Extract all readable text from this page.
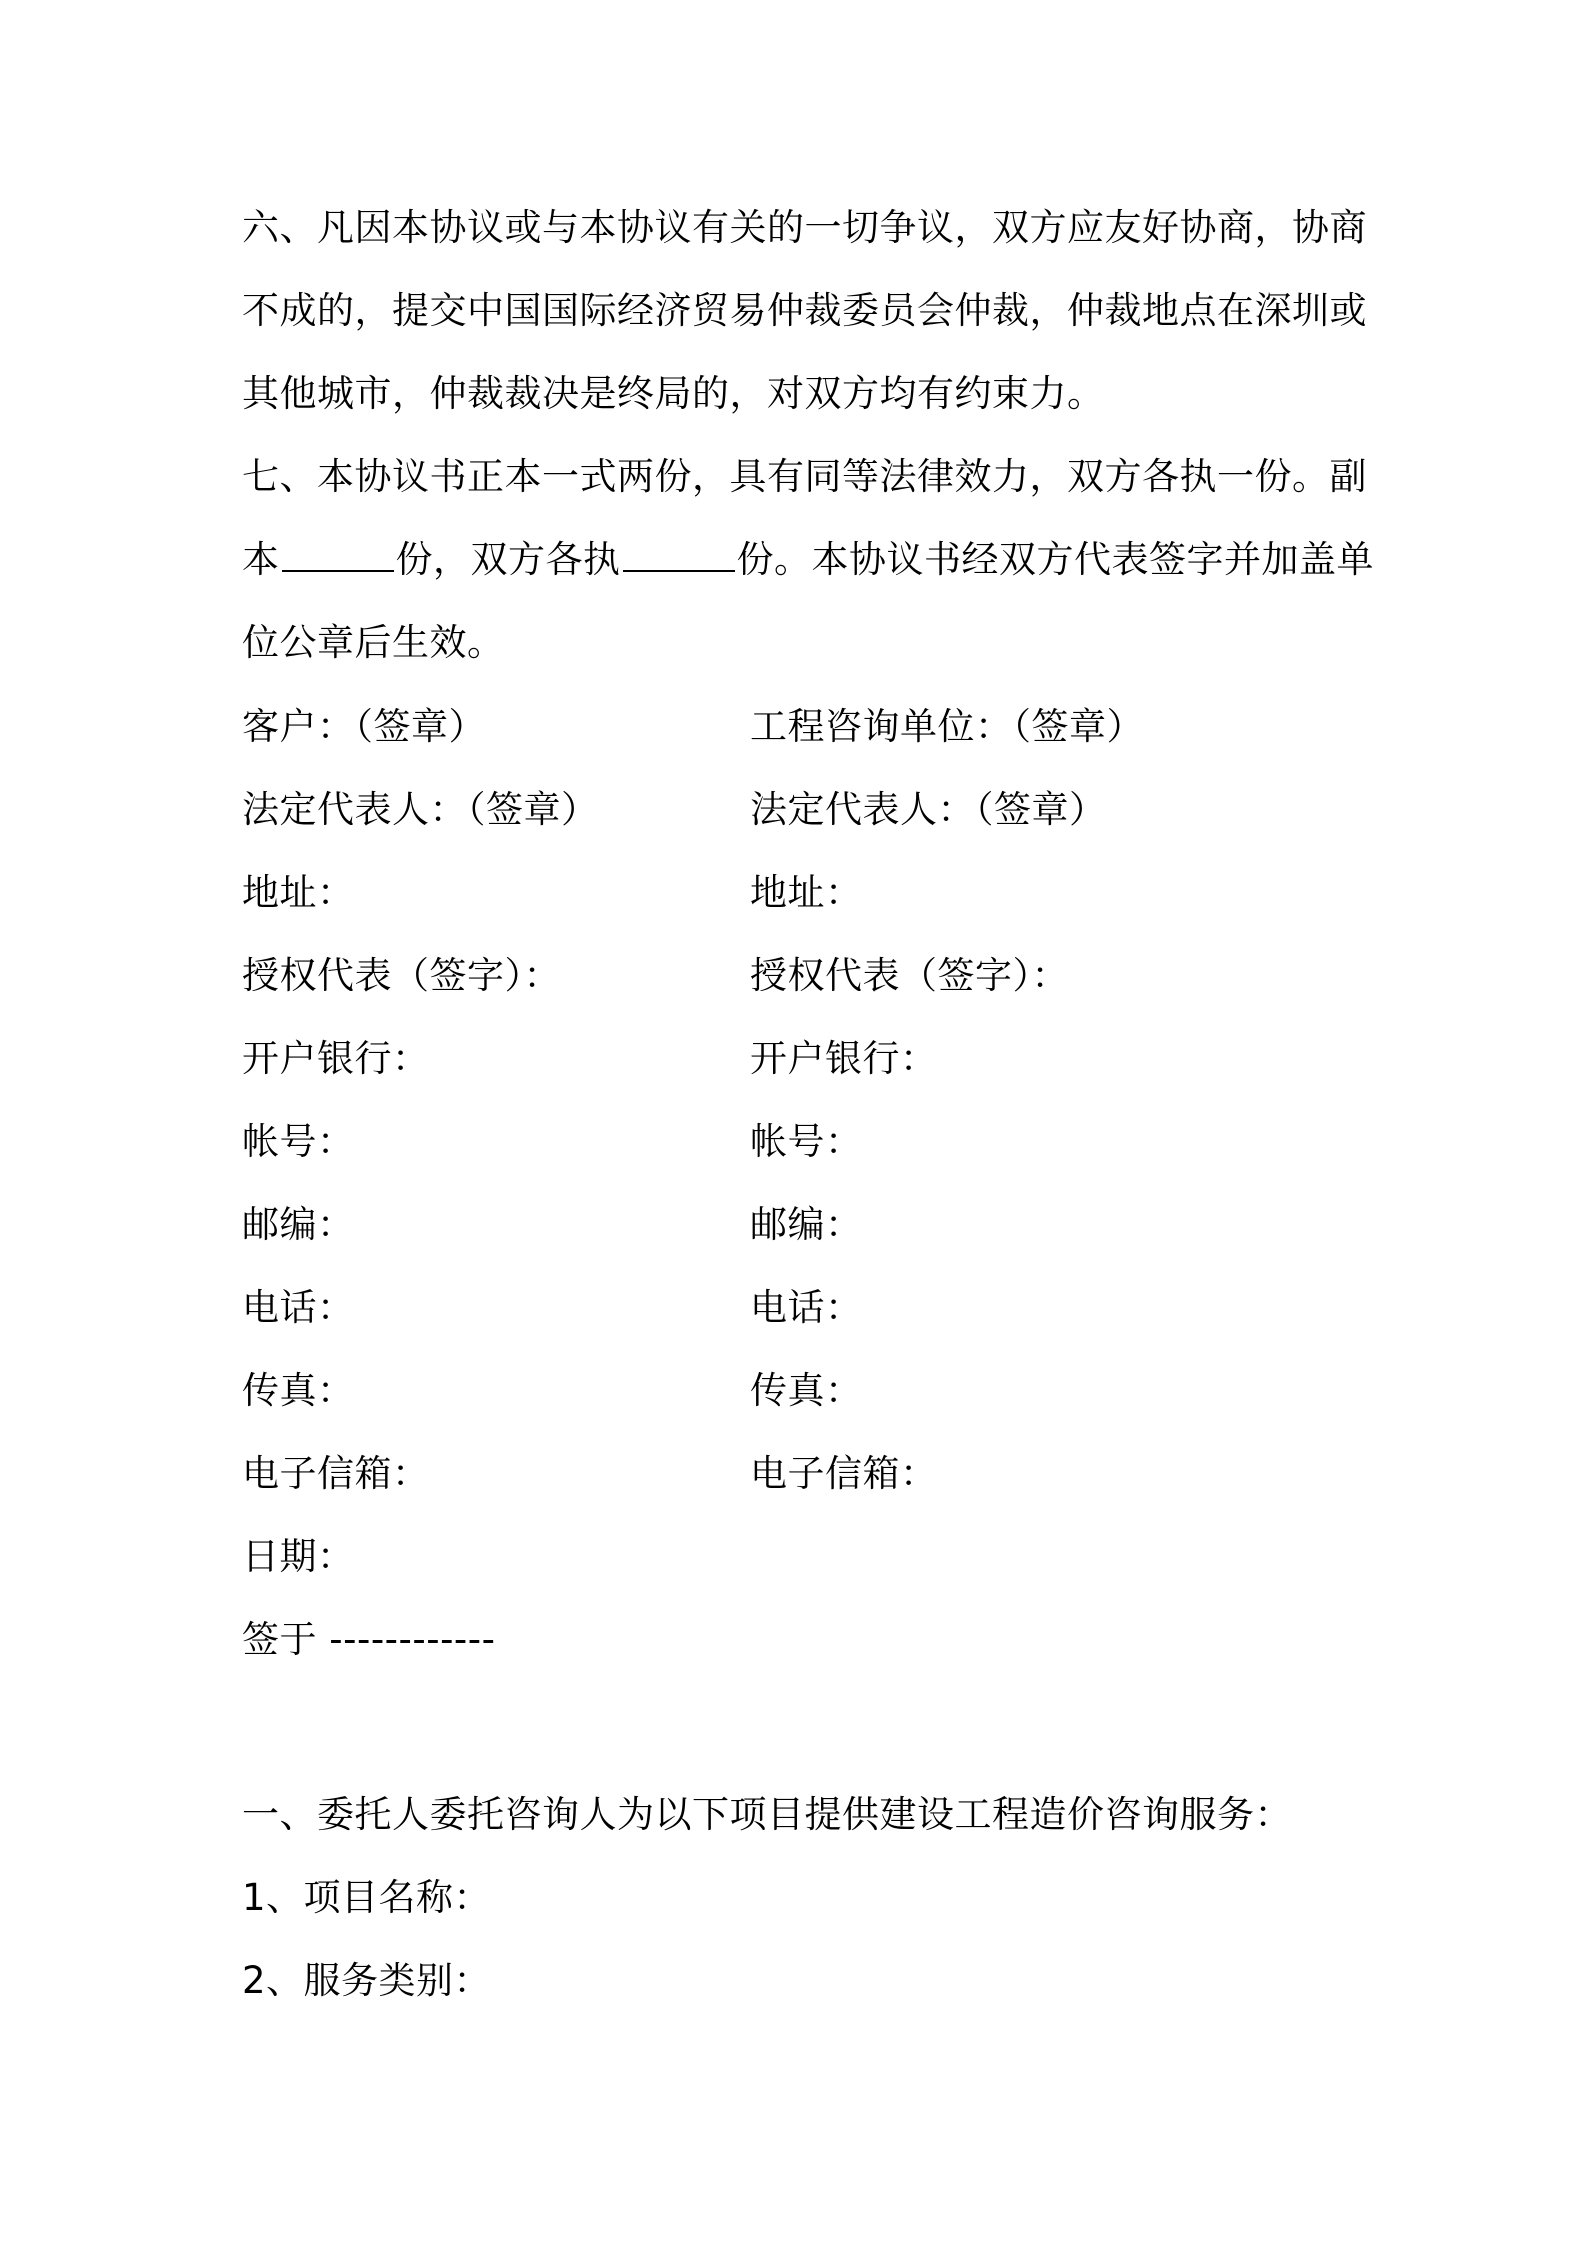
六、凡因本协议或与本协议有关的一切争议，双方应友好协商，协商
不成的，提交中国国际经济贸易仲裁委员会仲裁，仲裁地点在深圳或
其他城市，仲裁裁决是终局的，对双方均有约束力。
七、本协议书正本一式两份，具有同等法律效力，双方各执一份。副
本	份，双方各执	份。本协议书经双方代表签字并加盖单
位公章后生效。
客户：（签章）	工程咨询单位：（签章）
法定代表人：（签章）	法定代表人：（签章）
地址：	地址：
授权代表（签字）：	授权代表（签字）：
开户银行：	开户银行：
帐号：	帐号：
邮编：	邮编：
电话：	电话：
传真：	传真：
电子信箱：	电子信箱：
日期：
签于 ------------
一、委托人委托咨询人为以下项目提供建设工程造价咨询服务：
1、项目名称：
2、服务类别：
